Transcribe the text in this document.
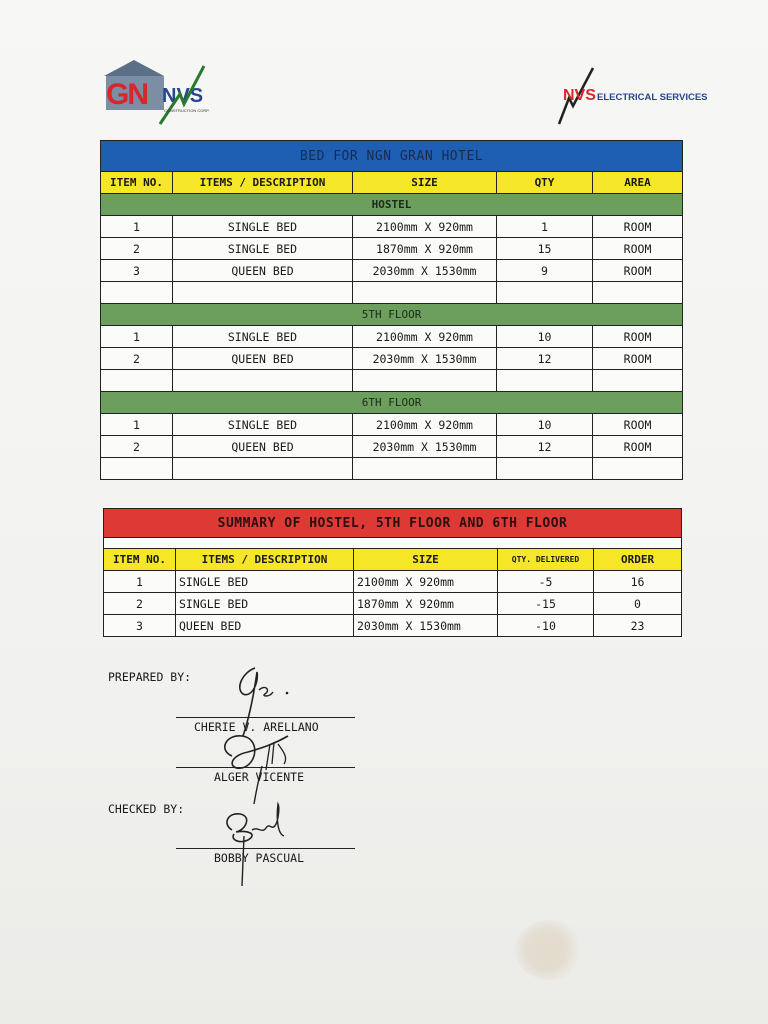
GN NVS
CONSTRUCTION CORP.
NVS ELECTRICAL SERVICES
BED FOR NGN GRAN HOTEL				
ITEM NO.	ITEMS / DESCRIPTION	SIZE	QTY	AREA
HOSTEL				
1	SINGLE BED	2100mm X 920mm	1	ROOM
2	SINGLE BED	1870mm X 920mm	15	ROOM
3	QUEEN BED	2030mm X 1530mm	9	ROOM

5TH FLOOR				
1	SINGLE BED	2100mm X 920mm	10	ROOM
2	QUEEN BED	2030mm X 1530mm	12	ROOM

6TH FLOOR				
1	SINGLE BED	2100mm X 920mm	10	ROOM
2	QUEEN BED	2030mm X 1530mm	12	ROOM

SUMMARY OF HOSTEL, 5TH FLOOR AND 6TH FLOOR				

ITEM NO.	ITEMS / DESCRIPTION	SIZE	QTY. DELIVERED	ORDER
1	SINGLE BED	2100mm X 920mm	-5	16
2	SINGLE BED	1870mm X 920mm	-15	0
3	QUEEN BED	2030mm X 1530mm	-10	23
PREPARED BY:
CHERIE V. ARELLANO
ALGER VICENTE
CHECKED BY:
BOBBY PASCUAL
